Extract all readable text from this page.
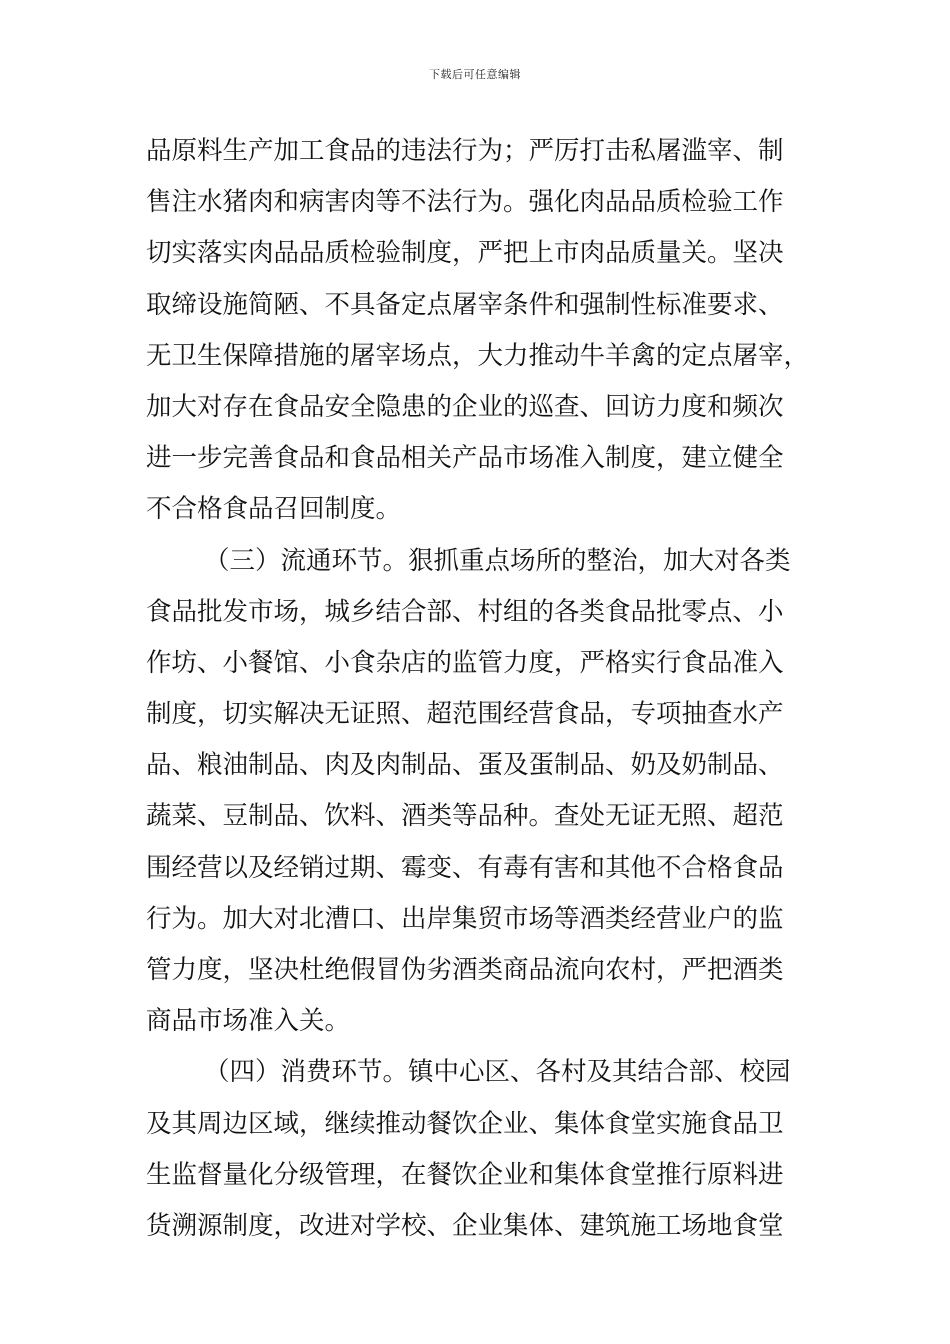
下载后可任意编辑
品原料生产加工食品的违法行为；严厉打击私屠滥宰、制
售注水猪肉和病害肉等不法行为。强化肉品品质检验工作
切实落实肉品品质检验制度，严把上市肉品质量关。坚决
取缔设施简陋、不具备定点屠宰条件和强制性标准要求、
无卫生保障措施的屠宰场点，大力推动牛羊禽的定点屠宰，
加大对存在食品安全隐患的企业的巡查、回访力度和频次
进一步完善食品和食品相关产品市场准入制度，建立健全
不合格食品召回制度。
（三）流通环节。狠抓重点场所的整治，加大对各类
食品批发市场，城乡结合部、村组的各类食品批零点、小
作坊、小餐馆、小食杂店的监管力度，严格实行食品准入
制度，切实解决无证照、超范围经营食品，专项抽查水产
品、粮油制品、肉及肉制品、蛋及蛋制品、奶及奶制品、
蔬菜、豆制品、饮料、酒类等品种。查处无证无照、超范
围经营以及经销过期、霉变、有毒有害和其他不合格食品
行为。加大对北漕口、出岸集贸市场等酒类经营业户的监
管力度，坚决杜绝假冒伪劣酒类商品流向农村，严把酒类
商品市场准入关。
（四）消费环节。镇中心区、各村及其结合部、校园
及其周边区域，继续推动餐饮企业、集体食堂实施食品卫
生监督量化分级管理，在餐饮企业和集体食堂推行原料进
货溯源制度，改进对学校、企业集体、建筑施工场地食堂
